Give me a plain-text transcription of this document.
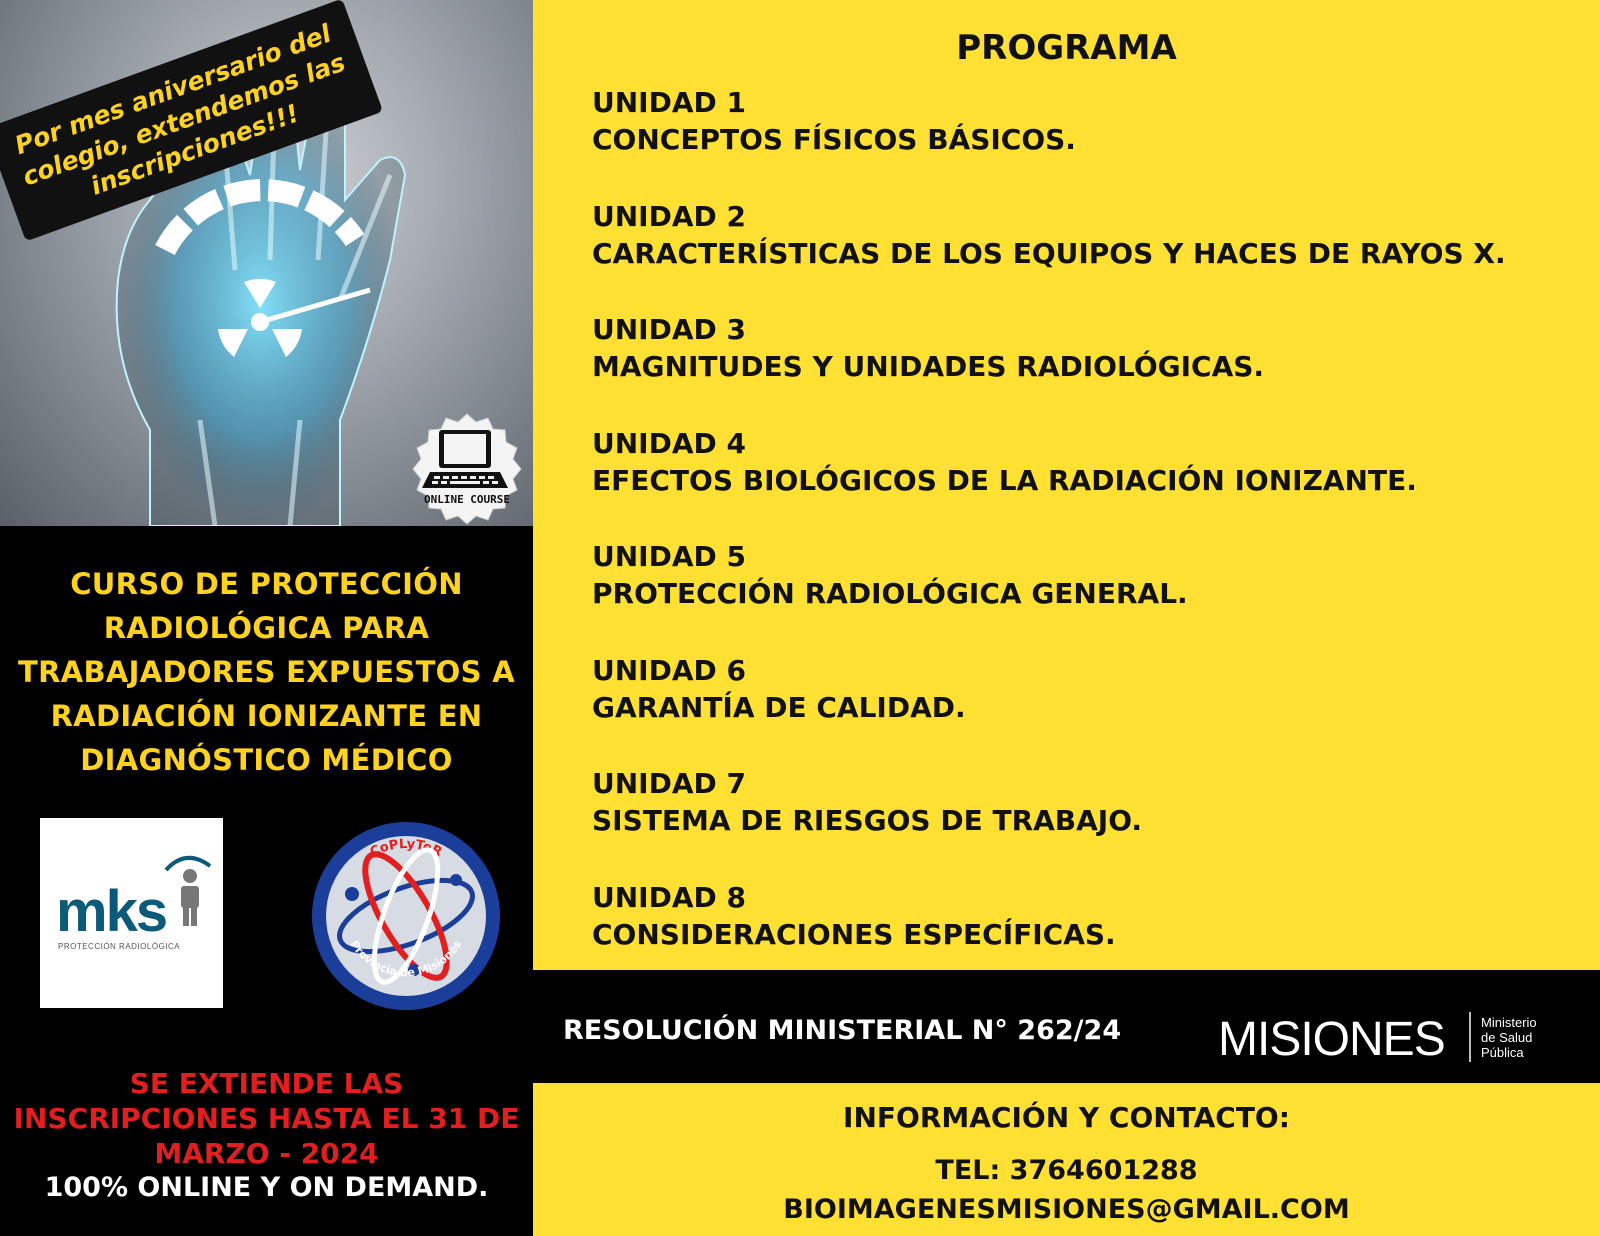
Por mes aniversario del colegio, extendemos las inscripciones!!!
ONLINE COURSE
CURSO DE PROTECCIÓN RADIOLÓGICA PARA TRABAJADORES EXPUESTOS A RADIACIÓN IONIZANTE EN DIAGNÓSTICO MÉDICO
mks
PROTECCIÓN RADIOLÓGICA
CoPLyTeR
Provincia de Misiones
SE EXTIENDE LAS INSCRIPCIONES HASTA EL 31 DE MARZO - 2024
100% ONLINE Y ON DEMAND.
PROGRAMA
UNIDAD 1
CONCEPTOS FÍSICOS BÁSICOS.
UNIDAD 2
CARACTERÍSTICAS DE LOS EQUIPOS Y HACES DE RAYOS X.
UNIDAD 3
MAGNITUDES Y UNIDADES RADIOLÓGICAS.
UNIDAD 4
EFECTOS BIOLÓGICOS DE LA RADIACIÓN IONIZANTE.
UNIDAD 5
PROTECCIÓN RADIOLÓGICA GENERAL.
UNIDAD 6
GARANTÍA DE CALIDAD.
UNIDAD 7
SISTEMA DE RIESGOS DE TRABAJO.
UNIDAD 8
CONSIDERACIONES ESPECÍFICAS.
RESOLUCIÓN MINISTERIAL N° 262/24 MISIONES	Ministerio
de Salud
Pública
INFORMACIÓN Y CONTACTO:
TEL: 3764601288
BIOIMAGENESMISIONES@GMAIL.COM
